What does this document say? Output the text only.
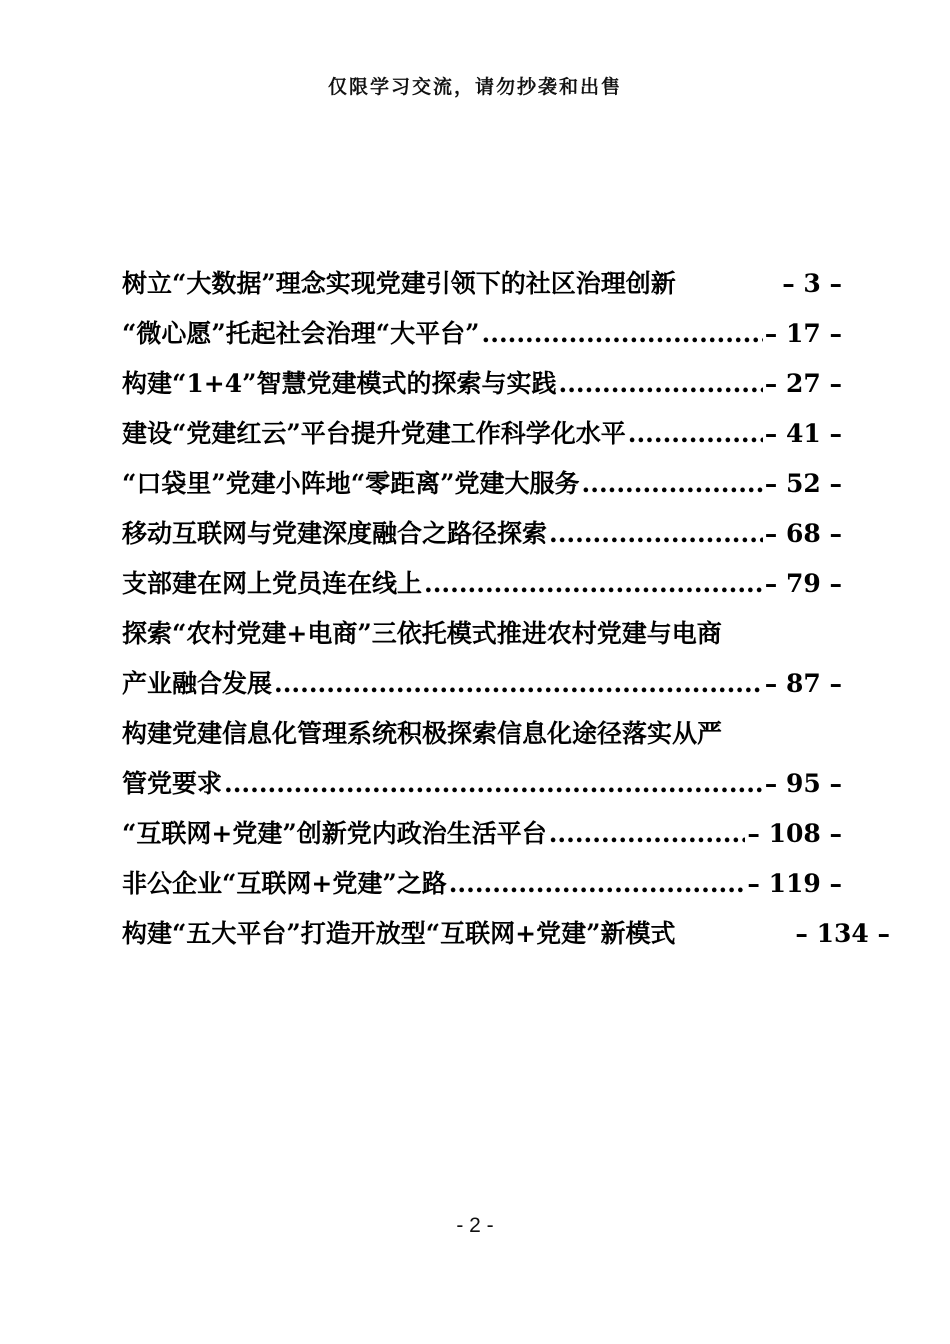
仅限学习交流，请勿抄袭和出售
树立“大数据”理念实现党建引领下的社区治理创新	– 3 –
“微心愿”托起社会治理“大平台” .....	– 17 –
构建“1+4”智慧党建模式的探索与实践 .....	– 27 –
建设“党建红云”平台提升党建工作科学化水平 .....	– 41 –
“口袋里”党建小阵地“零距离”党建大服务 .....	– 52 –
移动互联网与党建深度融合之路径探索 .....	– 68 –
支部建在网上党员连在线上 .....	– 79 –
探索“农村党建+电商”三依托模式推进农村党建与电商
产业融合发展 .....	– 87 –
构建党建信息化管理系统积极探索信息化途径落实从严
管党要求 .....	– 95 –
“互联网+党建”创新党内政治生活平台 .....	– 108 –
非公企业“互联网+党建”之路 .....	– 119 –
构建“五大平台”打造开放型“互联网+党建”新模式	– 134 –
- 2 -
